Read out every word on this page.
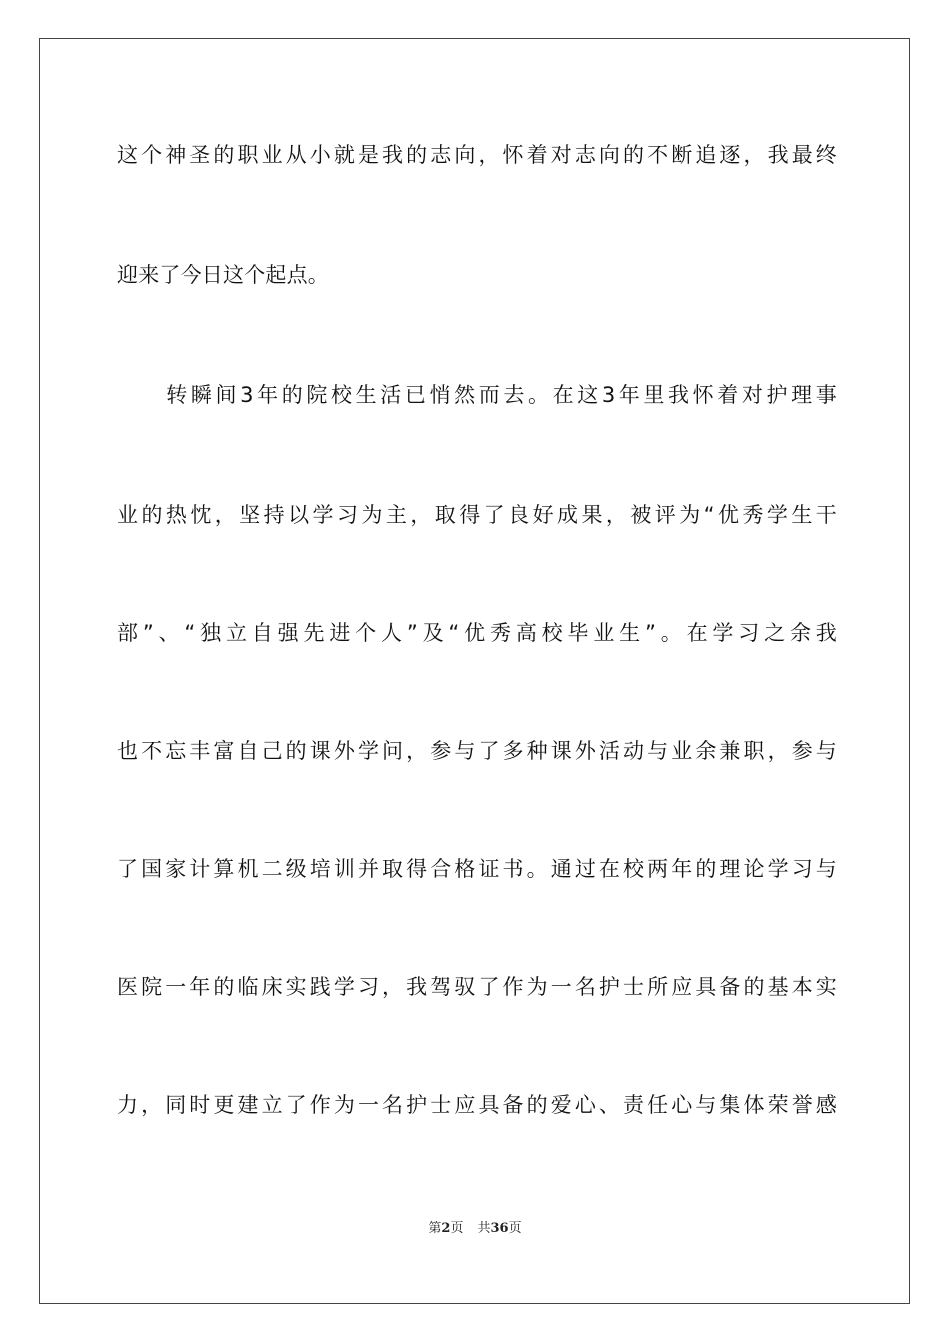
这个神圣的职业从小就是我的志向，怀着对志向的不断追逐，我最终
迎来了今日这个起点。
　　转瞬间3年的院校生活已悄然而去。在这3年里我怀着对护理事
业的热忱，坚持以学习为主，取得了良好成果，被评为“优秀学生干
部”、“独立自强先进个人”及“优秀高校毕业生”。在学习之余我
也不忘丰富自己的课外学问，参与了多种课外活动与业余兼职，参与
了国家计算机二级培训并取得合格证书。通过在校两年的理论学习与
医院一年的临床实践学习，我驾驭了作为一名护士所应具备的基本实
力，同时更建立了作为一名护士应具备的爱心、责任心与集体荣誉感
第2页 共36页
